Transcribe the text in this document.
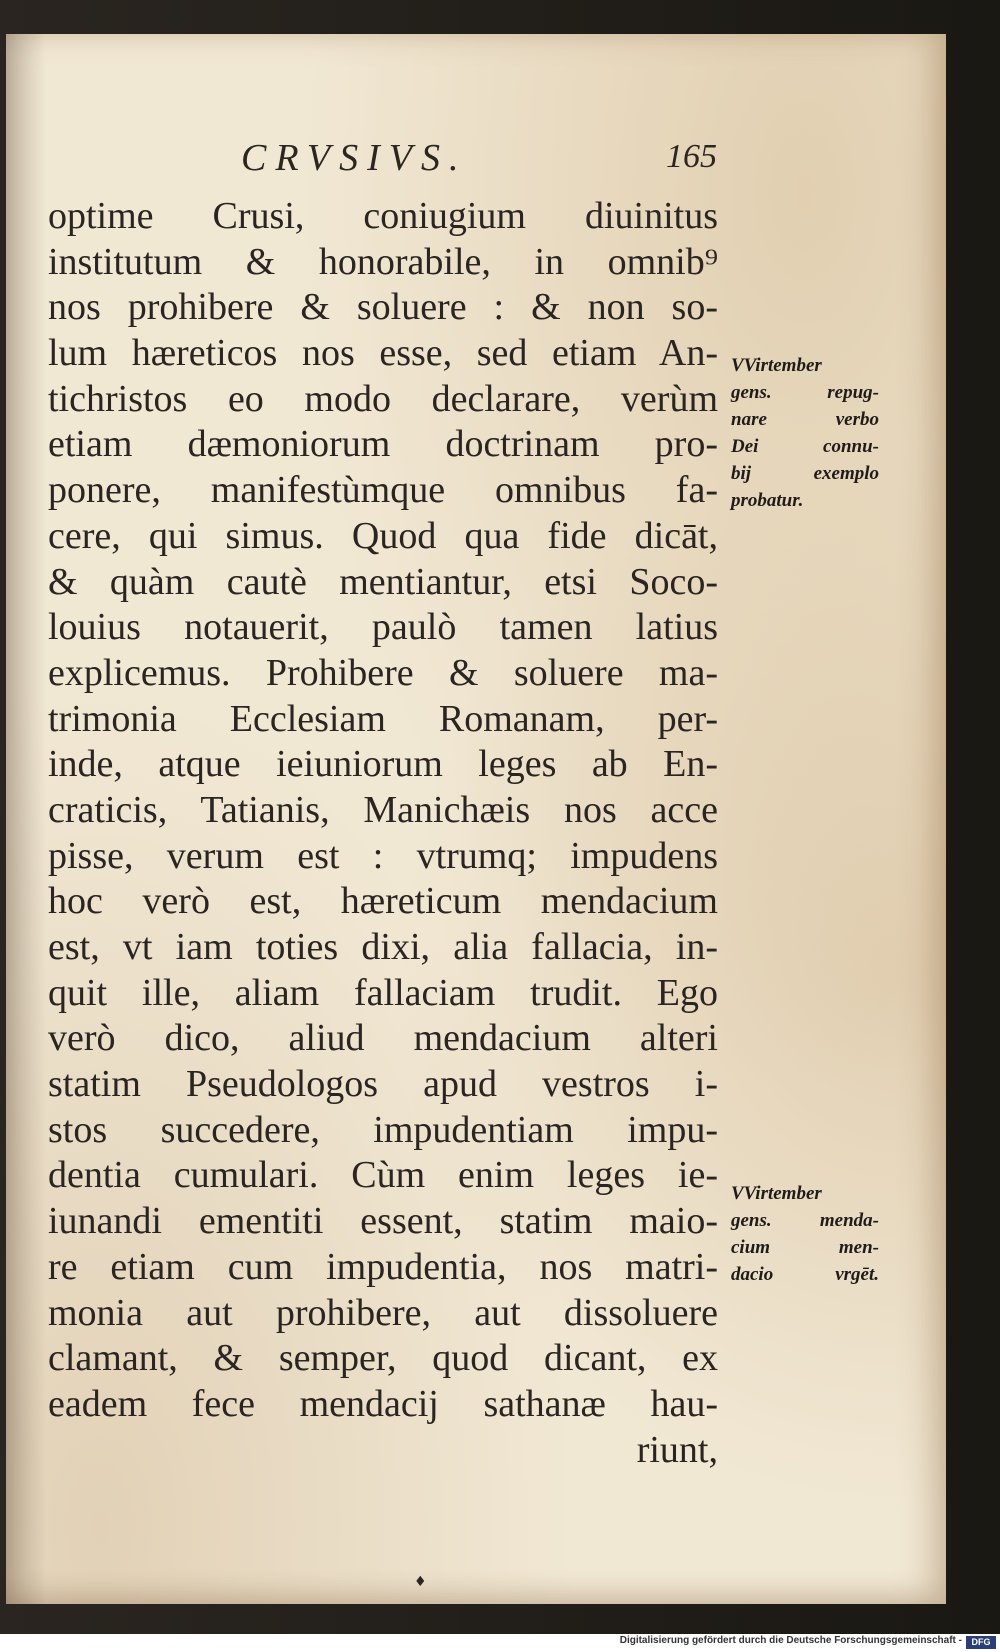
CRVSIVS.	165
optime Crusi, coniugium diuinitus
institutum & honorabile, in omnib⁹
nos prohibere & soluere : & non so-
lum hæreticos nos esse, sed etiam An-
tichristos eo modo declarare, verùm
etiam dæmoniorum doctrinam pro-
ponere, manifestùmque omnibus fa-
cere, qui simus. Quod qua fide dicāt,
& quàm cautè mentiantur, etsi Soco-
louius notauerit, paulò tamen latius
explicemus. Prohibere & soluere ma-
trimonia Ecclesiam Romanam, per-
inde, atque ieiuniorum leges ab En-
craticis, Tatianis, Manichæis nos acce
pisse, verum est : vtrumq; impudens
hoc verò est, hæreticum mendacium
est, vt iam toties dixi, alia fallacia, in-
quit ille, aliam fallaciam trudit. Ego
verò dico, aliud mendacium alteri
statim Pseudologos apud vestros i-
stos succedere, impudentiam impu-
dentia cumulari. Cùm enim leges ie-
iunandi ementiti essent, statim maio-
re etiam cum impudentia, nos matri-
monia aut prohibere, aut dissoluere
clamant, & semper, quod dicant, ex
eadem fece mendacij sathanæ hau-
riunt,
VVirtember
gens. repug-
nare verbo
Dei connu-
bij exemplo
probatur.
VVirtember
gens. menda-
cium men-
dacio vrgēt.
♦
Digitalisierung gefördert durch die Deutsche Forschungsgemeinschaft -	DFG
